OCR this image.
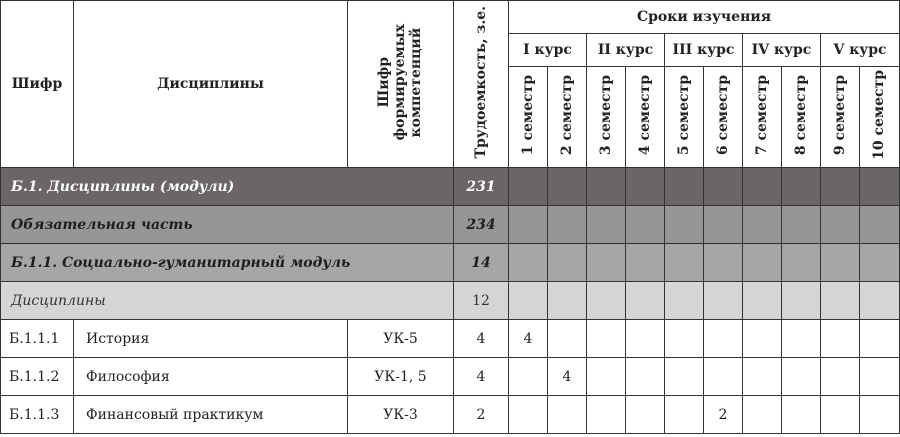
Шифр	Дисциплины	Шифр
формируемых
компетенций	Трудоемкость, з.е.	Сроки изучения									
				I курс		II курс		III курс		IV курс		V курс	
				1 семестр	2 семестр	3 семестр	4 семестр	5 семестр	6 семестр	7 семестр	8 семестр	9 семестр	10 семестр
Б.1. Дисциплины (модули)			231										
Обязательная часть			234										
Б.1.1. Социально-гуманитарный модуль			14										
Дисциплины			12										
Б.1.1.1	История	УК-5	4	4									
Б.1.1.2	Философия	УК-1, 5	4		4								
Б.1.1.3	Финансовый практикум	УК-3	2						2				
